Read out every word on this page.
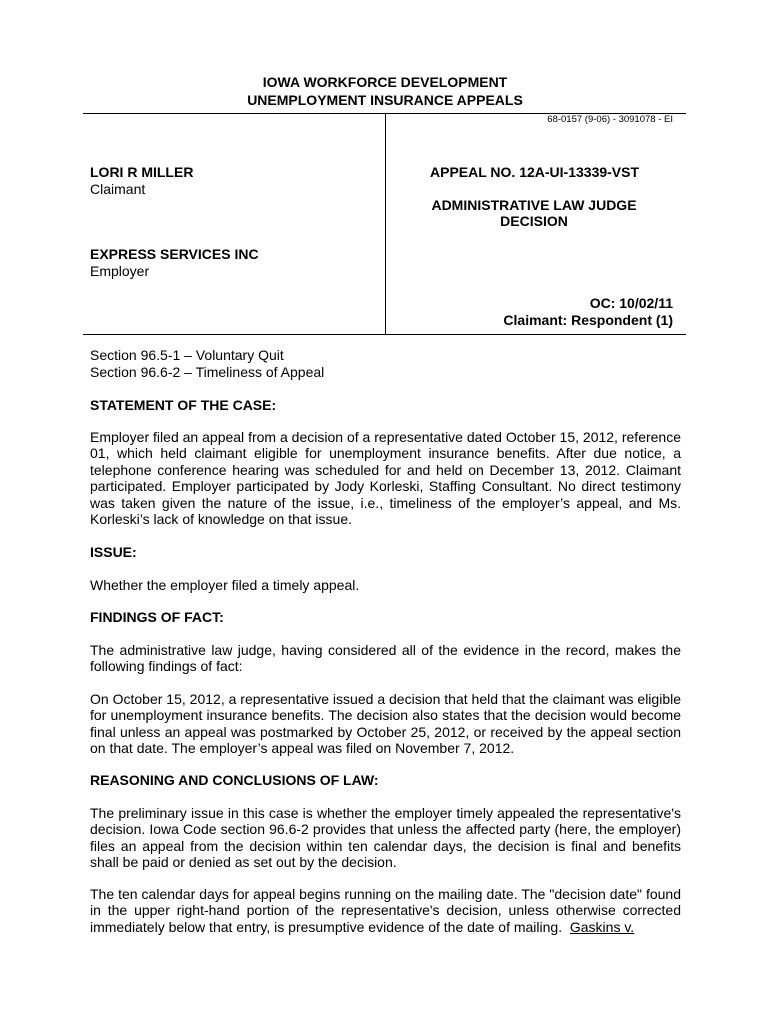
IOWA WORKFORCE DEVELOPMENT
UNEMPLOYMENT INSURANCE APPEALS
68-0157 (9-06) - 3091078 - EI
LORI R MILLER
Claimant
EXPRESS SERVICES INC
Employer
APPEAL NO. 12A-UI-13339-VST
ADMINISTRATIVE LAW JUDGE
DECISION
OC: 10/02/11
Claimant: Respondent (1)
Section 96.5-1 – Voluntary Quit
Section 96.6-2 – Timeliness of Appeal
STATEMENT OF THE CASE:

Employer filed an appeal from a decision of a representative dated October 15, 2012, reference 01, which held claimant eligible for unemployment insurance benefits. After due notice, a telephone conference hearing was scheduled for and held on December 13, 2012. Claimant participated. Employer participated by Jody Korleski, Staffing Consultant. No direct testimony was taken given the nature of the issue, i.e., timeliness of the employer’s appeal, and Ms. Korleski’s lack of knowledge on that issue.

ISSUE:

Whether the employer filed a timely appeal.

FINDINGS OF FACT:

The administrative law judge, having considered all of the evidence in the record, makes the following findings of fact:

On October 15, 2012, a representative issued a decision that held that the claimant was eligible for unemployment insurance benefits. The decision also states that the decision would become final unless an appeal was postmarked by October 25, 2012, or received by the appeal section on that date. The employer’s appeal was filed on November 7, 2012.

REASONING AND CONCLUSIONS OF LAW:

The preliminary issue in this case is whether the employer timely appealed the representative's decision. Iowa Code section 96.6-2 provides that unless the affected party (here, the employer) files an appeal from the decision within ten calendar days, the decision is final and benefits shall be paid or denied as set out by the decision.

The ten calendar days for appeal begins running on the mailing date. The "decision date" found in the upper right-hand portion of the representative's decision, unless otherwise corrected immediately below that entry, is presumptive evidence of the date of mailing. Gaskins v.
